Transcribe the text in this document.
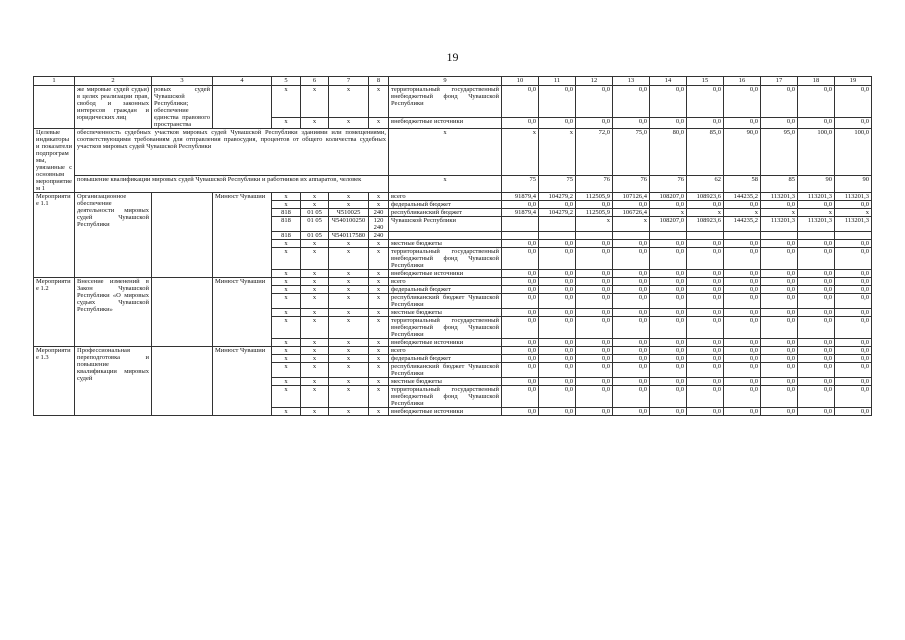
19
1	2	3	4	5	6	7	8	9	10	11	12	13	14	15	16	17	18	19
	же мировые судей судьи) в целях реализации прав, свобод и законных интересов граждан и юридических лиц	ровых судей Чувашской Республики; обеспечение единства правового пространства		x	x	x	x	территориальный государственный внебюджетный фонд Чувашской Республики	0,0	0,0	0,0	0,0	0,0	0,0	0,0	0,0	0,0	0,0
				x	x	x	x	внебюджетные источники	0,0	0,0	0,0	0,0	0,0	0,0	0,0	0,0	0,0	0,0
Целевые индикаторы и показатели подпрограммы, увязанные с основным мероприятием 1	обеспеченность судебных участков мировых судей Чувашской Республики зданиями или помещениями, соответствующими требованиям для отправления правосудия, процентов от общего количества судебных участков мировых судей Чувашской Республики							x	x	x	72,0	75,0	80,0	85,0	90,0	95,0	100,0	100,0
	повышение квалификации мировых судей Чувашской Республики и работников их аппаратов, человек							x	75	75	76	76	76	62	58	85	90	90
Мероприятие 1.1	Организационное обеспечение деятельности мировых судей Чувашской Республики		Минюст Чувашии	x	x	x	x	всего	91879,4	104279,2	112505,9	107126,4	108207,0	108923,6	144235,2	113201,3	113201,3	113201,3
				x	x	x	x	федеральный бюджет	0,0	0,0	0,0	0,0	0,0	0,0	0,0	0,0	0,0	0,0
				818	01 05	Ч510025	240	республиканский бюджет	91879,4	104279,2	112505,9	106726,4	x	x	x	x	x	x
				818	01 05	Ч540100250	120 240	Чувашской Республики			x	x	108207,0	108923,6	144235,2	113201,3	113201,3	113201,3
				818	01 05	Ч540117580	240											
				x	x	x	x	местные бюджеты	0,0	0,0	0,0	0,0	0,0	0,0	0,0	0,0	0,0	0,0
				x	x	x	x	территориальный государственный внебюджетный фонд Чувашской Республики	0,0	0,0	0,0	0,0	0,0	0,0	0,0	0,0	0,0	0,0
				x	x	x	x	внебюджетные источники	0,0	0,0	0,0	0,0	0,0	0,0	0,0	0,0	0,0	0,0
Мероприятие 1.2	Внесение изменений в Закон Чувашской Республики «О мировых судьях Чувашской Республики»		Минюст Чувашии	x	x	x	x	всего	0,0	0,0	0,0	0,0	0,0	0,0	0,0	0,0	0,0	0,0
				x	x	x	x	федеральный бюджет	0,0	0,0	0,0	0,0	0,0	0,0	0,0	0,0	0,0	0,0
				x	x	x	x	республиканский бюджет Чувашской Республики	0,0	0,0	0,0	0,0	0,0	0,0	0,0	0,0	0,0	0,0
				x	x	x	x	местные бюджеты	0,0	0,0	0,0	0,0	0,0	0,0	0,0	0,0	0,0	0,0
				x	x	x	x	территориальный государственный внебюджетный фонд Чувашской Республики	0,0	0,0	0,0	0,0	0,0	0,0	0,0	0,0	0,0	0,0
				x	x	x	x	внебюджетные источники	0,0	0,0	0,0	0,0	0,0	0,0	0,0	0,0	0,0	0,0
Мероприятие 1.3	Профессиональная переподготовка и повышение квалификации мировых судей		Минюст Чувашии	x	x	x	x	всего	0,0	0,0	0,0	0,0	0,0	0,0	0,0	0,0	0,0	0,0
				x	x	x	x	федеральный бюджет	0,0	0,0	0,0	0,0	0,0	0,0	0,0	0,0	0,0	0,0
				x	x	x	x	республиканский бюджет Чувашской Республики	0,0	0,0	0,0	0,0	0,0	0,0	0,0	0,0	0,0	0,0
				x	x	x	x	местные бюджеты	0,0	0,0	0,0	0,0	0,0	0,0	0,0	0,0	0,0	0,0
				x	x	x	x	территориальный государственный внебюджетный фонд Чувашской Республики	0,0	0,0	0,0	0,0	0,0	0,0	0,0	0,0	0,0	0,0
				x	x	x	x	внебюджетные источники	0,0	0,0	0,0	0,0	0,0	0,0	0,0	0,0	0,0	0,0
